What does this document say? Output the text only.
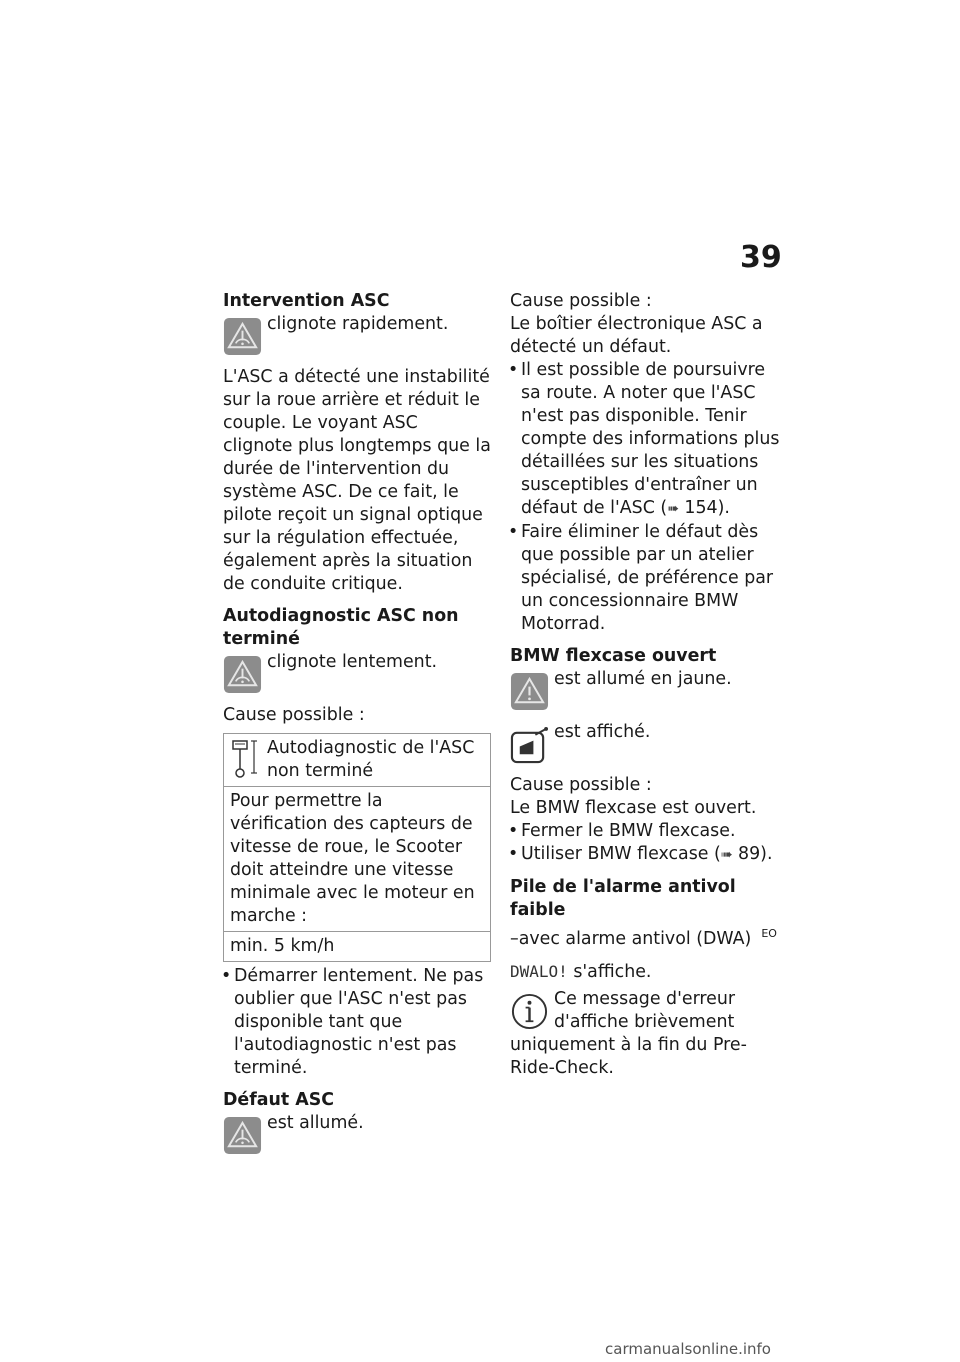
39
Intervention ASC
clignote rapidement.

L'ASC a détecté une instabilité sur la roue arrière et réduit le couple. Le voyant ASC clignote plus longtemps que la durée de l'intervention du système ASC. De ce fait, le pilote reçoit un signal optique sur la régulation effectuée, également après la situation de conduite critique.

Autodiagnostic ASC non terminé
clignote lentement.

Cause possible :

Autodiagnostic de l'ASC non terminé

Pour permettre la vérification des capteurs de vitesse de roue, le Scooter doit atteindre une vitesse minimale avec le moteur en marche :
min. 5 km/h

• Démarrer lentement. Ne pas oublier que l'ASC n'est pas disponible tant que l'autodiagnostic n'est pas terminé.

Défaut ASC
est allumé.

Cause possible :

Le boîtier électronique ASC a détecté un défaut.

• Il est possible de poursuivre sa route. A noter que l'ASC n'est pas disponible. Tenir compte des informations plus détaillées sur les situations susceptibles d'entraîner un défaut de l'ASC (➠ 154).

• Faire éliminer le défaut dès que possible par un atelier spécialisé, de préférence par un concessionnaire BMW Motorrad.

BMW flexcase ouvert
est allumé en jaune.
est affiché.

Cause possible :

Le BMW flexcase est ouvert.

• Fermer le BMW flexcase.

• Utiliser BMW flexcase (➠ 89).

Pile de l'alarme antivol faible

–avec alarme antivol (DWA) $^{EO}$

DWALO! s'affiche.

Ce message d'erreur d'affiche brièvement

uniquement à la fin du Pre-Ride-Check.

carmanualsonline.info
